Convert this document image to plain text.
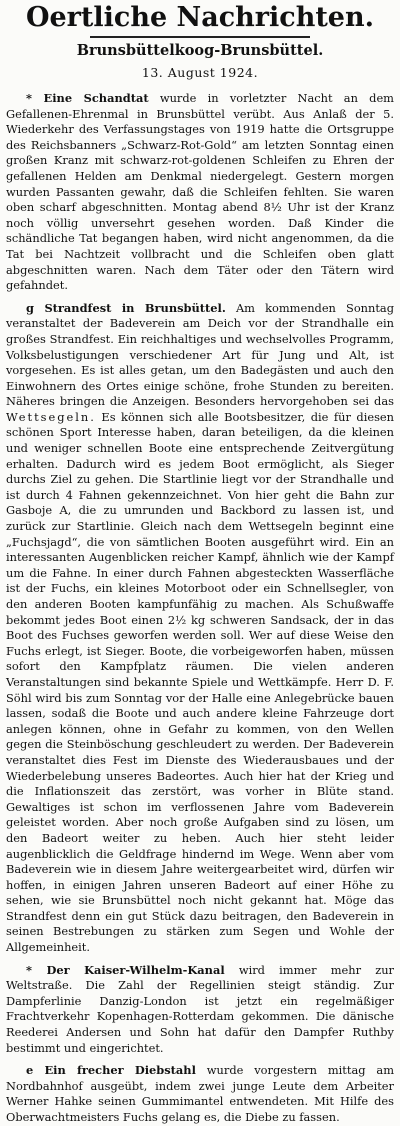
Oertliche Nachrichten.
Brunsbüttelkoog-Brunsbüttel.
13. August 1924.

* Eine Schandtat wurde in vorletzter Nacht an dem Gefallenen-Ehrenmal in Brunsbüttel verübt. Aus Anlaß der 5. Wiederkehr des Verfassungstages von 1919 hatte die Ortsgruppe des Reichsbanners „Schwarz-Rot-Gold“ am letzten Sonntag einen großen Kranz mit schwarz-rot-goldenen Schleifen zu Ehren der gefallenen Helden am Denkmal niedergelegt. Gestern morgen wurden Passanten gewahr, daß die Schleifen fehlten. Sie waren oben scharf abgeschnitten. Montag abend 8½ Uhr ist der Kranz noch völlig unversehrt gesehen worden. Daß Kinder die schändliche Tat begangen haben, wird nicht angenommen, da die Tat bei Nachtzeit vollbracht und die Schleifen oben glatt abgeschnitten waren. Nach dem Täter oder den Tätern wird gefahndet.

g Strandfest in Brunsbüttel. Am kommenden Sonntag veranstaltet der Badeverein am Deich vor der Strandhalle ein großes Strandfest. Ein reichhaltiges und wechselvolles Programm, Volksbelustigungen verschiedener Art für Jung und Alt, ist vorgesehen. Es ist alles getan, um den Badegästen und auch den Einwohnern des Ortes einige schöne, frohe Stunden zu bereiten. Näheres bringen die Anzeigen. Besonders hervorgehoben sei das Wettsegeln. Es können sich alle Bootsbesitzer, die für diesen schönen Sport Interesse haben, daran beteiligen, da die kleinen und weniger schnellen Boote eine entsprechende Zeitvergütung erhalten. Dadurch wird es jedem Boot ermöglicht, als Sieger durchs Ziel zu gehen. Die Startlinie liegt vor der Strandhalle und ist durch 4 Fahnen gekennzeichnet. Von hier geht die Bahn zur Gasboje A, die zu umrunden und Backbord zu lassen ist, und zurück zur Startlinie. Gleich nach dem Wettsegeln beginnt eine „Fuchsjagd“, die von sämtlichen Booten ausgeführt wird. Ein an interessanten Augenblicken reicher Kampf, ähnlich wie der Kampf um die Fahne. In einer durch Fahnen abgesteckten Wasserfläche ist der Fuchs, ein kleines Motorboot oder ein Schnellsegler, von den anderen Booten kampfunfähig zu machen. Als Schußwaffe bekommt jedes Boot einen 2½ kg schweren Sandsack, der in das Boot des Fuchses geworfen werden soll. Wer auf diese Weise den Fuchs erlegt, ist Sieger. Boote, die vorbeigeworfen haben, müssen sofort den Kampfplatz räumen. Die vielen anderen Veranstaltungen sind bekannte Spiele und Wettkämpfe. Herr D. F. Söhl wird bis zum Sonntag vor der Halle eine Anlegebrücke bauen lassen, sodaß die Boote und auch andere kleine Fahrzeuge dort anlegen können, ohne in Gefahr zu kommen, von den Wellen gegen die Steinböschung geschleudert zu werden. Der Badeverein veranstaltet dies Fest im Dienste des Wiederausbaues und der Wiederbelebung unseres Badeortes. Auch hier hat der Krieg und die Inflationszeit das zerstört, was vorher in Blüte stand. Gewaltiges ist schon im verflossenen Jahre vom Badeverein geleistet worden. Aber noch große Aufgaben sind zu lösen, um den Badeort weiter zu heben. Auch hier steht leider augenblicklich die Geldfrage hindernd im Wege. Wenn aber vom Badeverein wie in diesem Jahre weitergearbeitet wird, dürfen wir hoffen, in einigen Jahren unseren Badeort auf einer Höhe zu sehen, wie sie Brunsbüttel noch nicht gekannt hat. Möge das Strandfest denn ein gut Stück dazu beitragen, den Badeverein in seinen Bestrebungen zu stärken zum Segen und Wohle der Allgemeinheit.

* Der Kaiser-Wilhelm-Kanal wird immer mehr zur Weltstraße. Die Zahl der Regellinien steigt ständig. Zur Dampferlinie Danzig-London ist jetzt ein regelmäßiger Frachtverkehr Kopenhagen-Rotterdam gekommen. Die dänische Reederei Andersen und Sohn hat dafür den Dampfer Ruthby bestimmt und eingerichtet.

e Ein frecher Diebstahl wurde vorgestern mittag am Nordbahnhof ausgeübt, indem zwei junge Leute dem Arbeiter Werner Hahke seinen Gummimantel entwendeten. Mit Hilfe des Oberwachtmeisters Fuchs gelang es, die Diebe zu fassen.
